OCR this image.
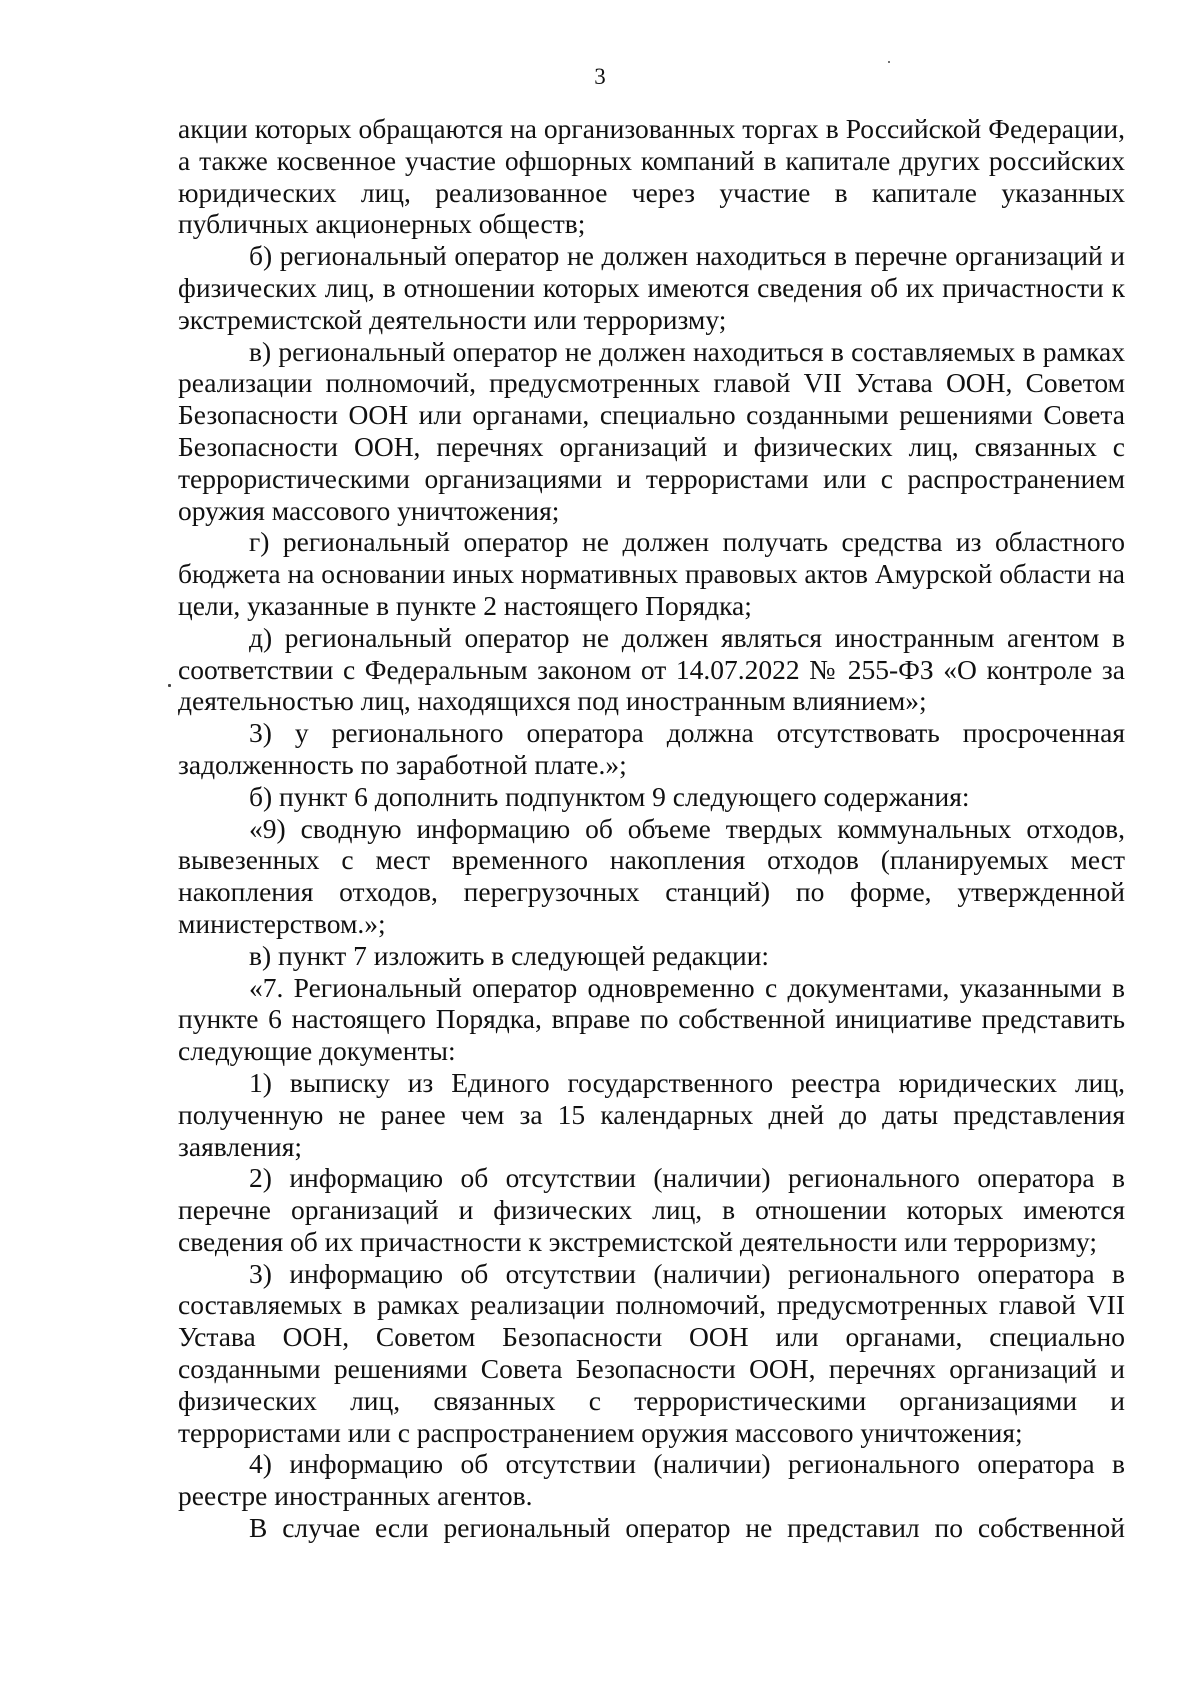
3

акции которых обращаются на организованных торгах в Российской Федерации, а также косвенное участие офшорных компаний в капитале других российских юридических лиц, реализованное через участие в капитале указанных публичных акционерных обществ;

б) региональный оператор не должен находиться в перечне организаций и физических лиц, в отношении которых имеются сведения об их причастности к экстремистской деятельности или терроризму;

в) региональный оператор не должен находиться в составляемых в рамках реализации полномочий, предусмотренных главой VII Устава ООН, Советом Безопасности ООН или органами, специально созданными решениями Совета Безопасности ООН, перечнях организаций и физических лиц, связанных с террористическими организациями и террористами или с распространением оружия массового уничтожения;

г) региональный оператор не должен получать средства из областного бюджета на основании иных нормативных правовых актов Амурской области на цели, указанные в пункте 2 настоящего Порядка;

д) региональный оператор не должен являться иностранным агентом в соответствии с Федеральным законом от 14.07.2022 № 255-ФЗ «О контроле за деятельностью лиц, находящихся под иностранным влиянием»;

3) у регионального оператора должна отсутствовать просроченная задолженность по заработной плате.»;

б) пункт 6 дополнить подпунктом 9 следующего содержания:

«9) сводную информацию об объеме твердых коммунальных отходов, вывезенных с мест временного накопления отходов (планируемых мест накопления отходов, перегрузочных станций) по форме, утвержденной министерством.»;

в) пункт 7 изложить в следующей редакции:

«7. Региональный оператор одновременно с документами, указанными в пункте 6 настоящего Порядка, вправе по собственной инициативе представить следующие документы:

1) выписку из Единого государственного реестра юридических лиц, полученную не ранее чем за 15 календарных дней до даты представления заявления;

2) информацию об отсутствии (наличии) регионального оператора в перечне организаций и физических лиц, в отношении которых имеются сведения об их причастности к экстремистской деятельности или терроризму;

3) информацию об отсутствии (наличии) регионального оператора в составляемых в рамках реализации полномочий, предусмотренных главой VII Устава ООН, Советом Безопасности ООН или органами, специально созданными решениями Совета Безопасности ООН, перечнях организаций и физических лиц, связанных с террористическими организациями и террористами или с распространением оружия массового уничтожения;

4) информацию об отсутствии (наличии) регионального оператора в реестре иностранных агентов.

В случае если региональный оператор не представил по собственной
